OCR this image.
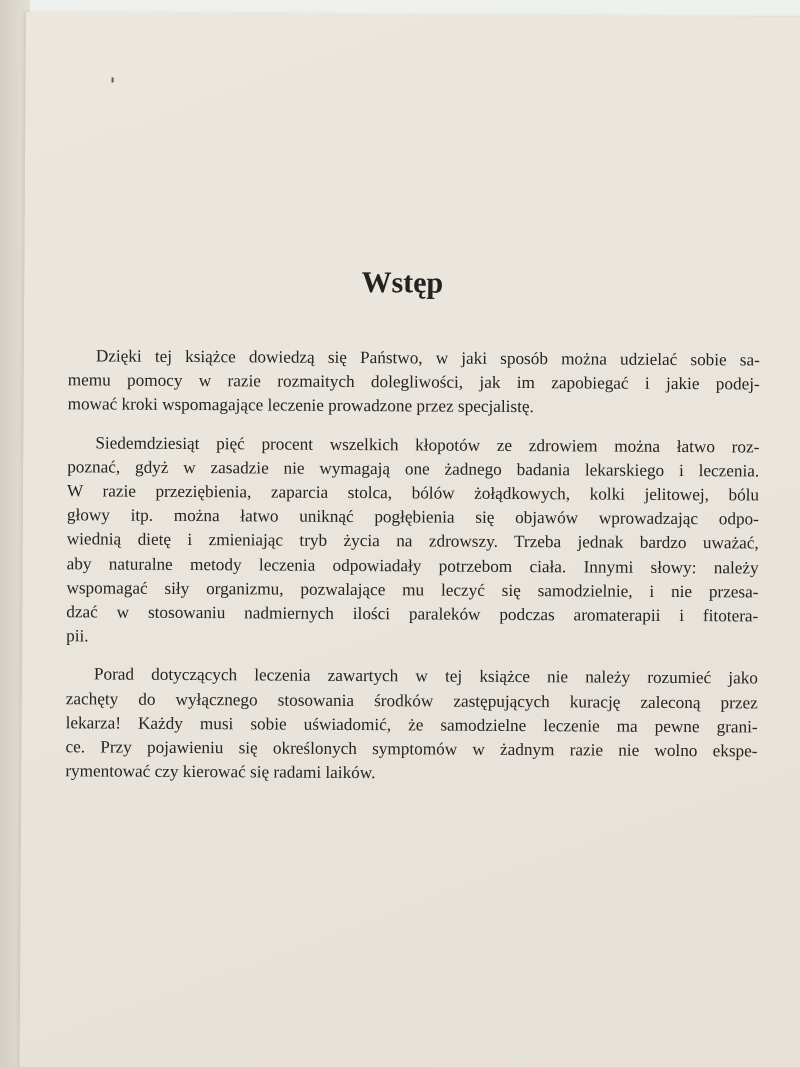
Wstęp

Dzięki tej książce dowiedzą się Państwo, w jaki sposób można udzielać sobie sa-
memu pomocy w razie rozmaitych dolegliwości, jak im zapobiegać i jakie podej-
mować kroki wspomagające leczenie prowadzone przez specjalistę.

Siedemdziesiąt pięć procent wszelkich kłopotów ze zdrowiem można łatwo roz-
poznać, gdyż w zasadzie nie wymagają one żadnego badania lekarskiego i leczenia.
W razie przeziębienia, zaparcia stolca, bólów żołądkowych, kolki jelitowej, bólu
głowy itp. można łatwo uniknąć pogłębienia się objawów wprowadzając odpo-
wiednią dietę i zmieniając tryb życia na zdrowszy. Trzeba jednak bardzo uważać,
aby naturalne metody leczenia odpowiadały potrzebom ciała. Innymi słowy: należy
wspomagać siły organizmu, pozwalające mu leczyć się samodzielnie, i nie przesa-
dzać w stosowaniu nadmiernych ilości paraleków podczas aromaterapii i fitotera-
pii.

Porad dotyczących leczenia zawartych w tej książce nie należy rozumieć jako
zachęty do wyłącznego stosowania środków zastępujących kurację zaleconą przez
lekarza! Każdy musi sobie uświadomić, że samodzielne leczenie ma pewne grani-
ce. Przy pojawieniu się określonych symptomów w żadnym razie nie wolno ekspe-
rymentować czy kierować się radami laików.
